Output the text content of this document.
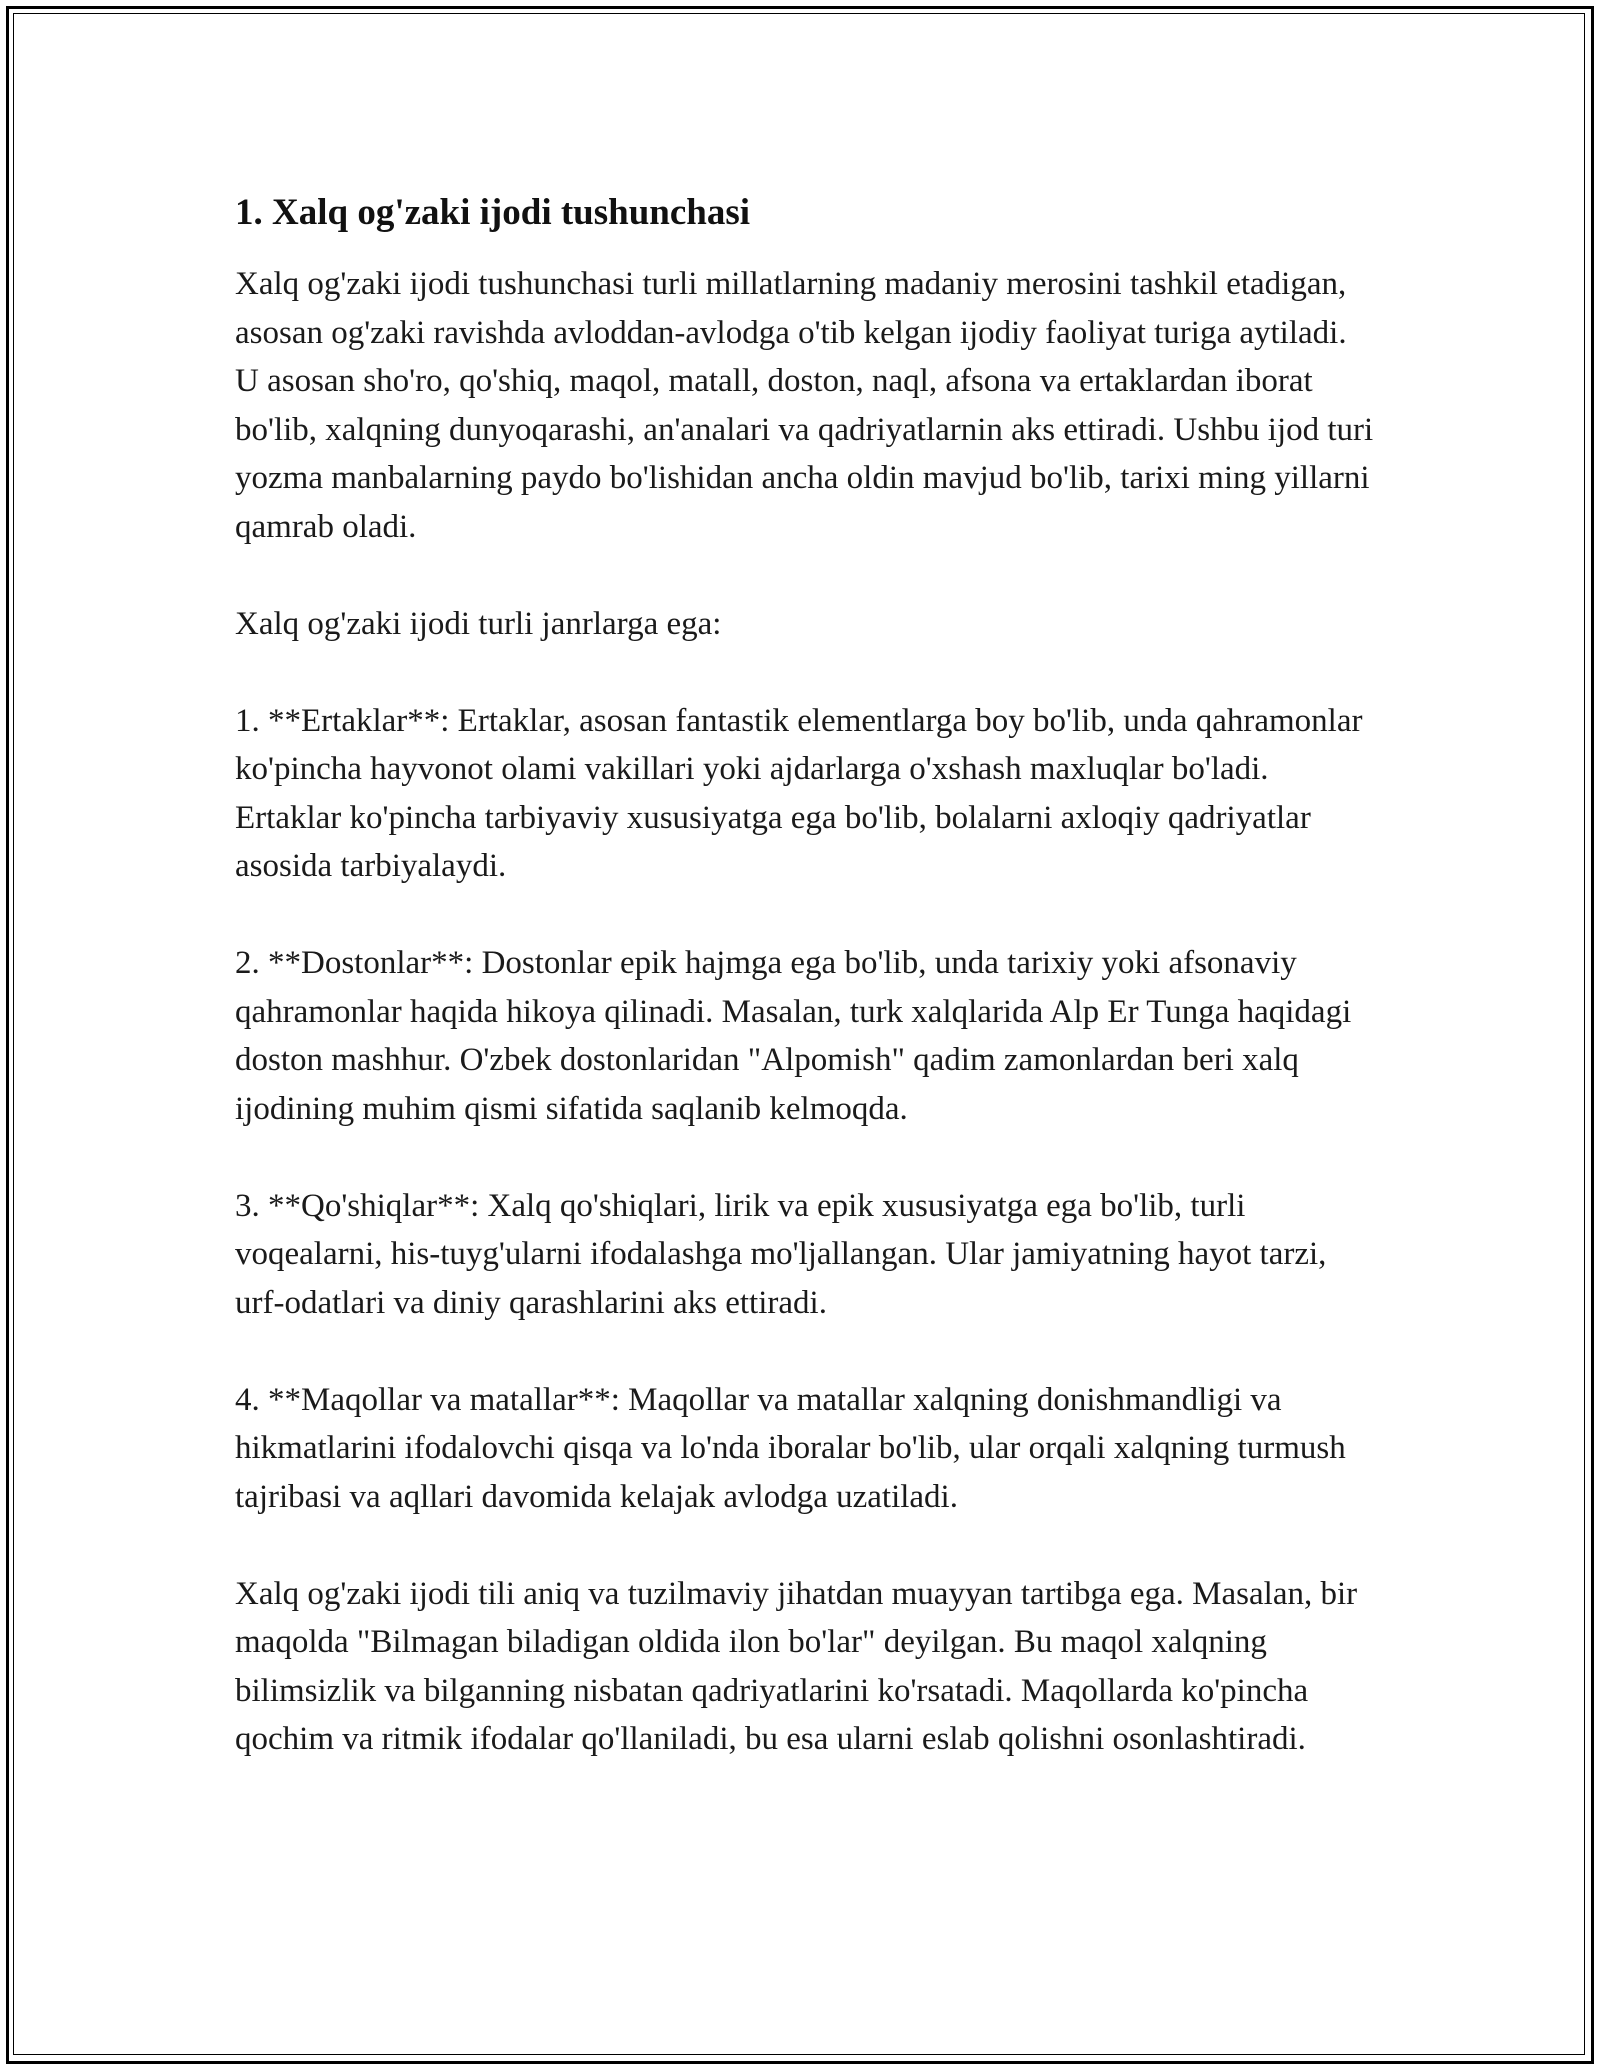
1. Xalq og'zaki ijodi tushunchasi

Xalq og'zaki ijodi tushunchasi turli millatlarning madaniy merosini tashkil etadigan, asosan og'zaki ravishda avloddan-avlodga o'tib kelgan ijodiy faoliyat turiga aytiladi. U asosan sho'ro, qo'shiq, maqol, matall, doston, naql, afsona va ertaklardan iborat bo'lib, xalqning dunyoqarashi, an'analari va qadriyatlarnin aks ettiradi. Ushbu ijod turi yozma manbalarning paydo bo'lishidan ancha oldin mavjud bo'lib, tarixi ming yillarni qamrab oladi.

Xalq og'zaki ijodi turli janrlarga ega:

1. **Ertaklar**: Ertaklar, asosan fantastik elementlarga boy bo'lib, unda qahramonlar ko'pincha hayvonot olami vakillari yoki ajdarlarga o'xshash maxluqlar bo'ladi. Ertaklar ko'pincha tarbiyaviy xususiyatga ega bo'lib, bolalarni axloqiy qadriyatlar asosida tarbiyalaydi.

2. **Dostonlar**: Dostonlar epik hajmga ega bo'lib, unda tarixiy yoki afsonaviy qahramonlar haqida hikoya qilinadi. Masalan, turk xalqlarida Alp Er Tunga haqidagi doston mashhur. O'zbek dostonlaridan "Alpomish" qadim zamonlardan beri xalq ijodining muhim qismi sifatida saqlanib kelmoqda.

3. **Qo'shiqlar**: Xalq qo'shiqlari, lirik va epik xususiyatga ega bo'lib, turli voqealarni, his-tuyg'ularni ifodalashga mo'ljallangan. Ular jamiyatning hayot tarzi, urf-odatlari va diniy qarashlarini aks ettiradi.

4. **Maqollar va matallar**: Maqollar va matallar xalqning donishmandligi va hikmatlarini ifodalovchi qisqa va lo'nda iboralar bo'lib, ular orqali xalqning turmush tajribasi va aqllari davomida kelajak avlodga uzatiladi.

Xalq og'zaki ijodi tili aniq va tuzilmaviy jihatdan muayyan tartibga ega. Masalan, bir maqolda "Bilmagan biladigan oldida ilon bo'lar" deyilgan. Bu maqol xalqning bilimsizlik va bilganning nisbatan qadriyatlarini ko'rsatadi. Maqollarda ko'pincha qochim va ritmik ifodalar qo'llaniladi, bu esa ularni eslab qolishni osonlashtiradi.
